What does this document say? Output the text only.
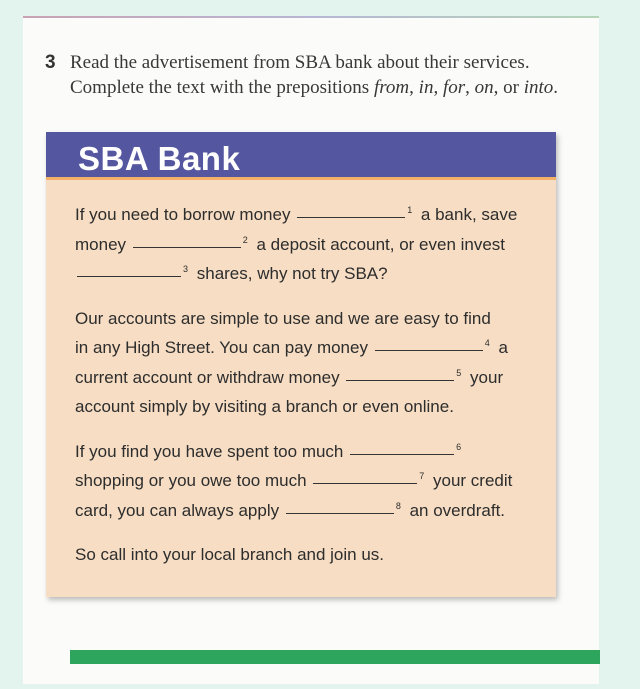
3 Read the advertisement from SBA bank about their services. Complete the text with the prepositions from, in, for, on, or into.
SBA Bank
If you need to borrow money	$^1$ a bank, save
money	$^2$ a deposit account, or even invest
$^3$ shares, why not try SBA?
Our accounts are simple to use and we are easy to find
in any High Street. You can pay money	$^4$ a
current account or withdraw money	$^5$ your
account simply by visiting a branch or even online.
If you find you have spent too much	$^6$
shopping or you owe too much	$^7$ your credit
card, you can always apply	$^8$ an overdraft.
So call into your local branch and join us.
